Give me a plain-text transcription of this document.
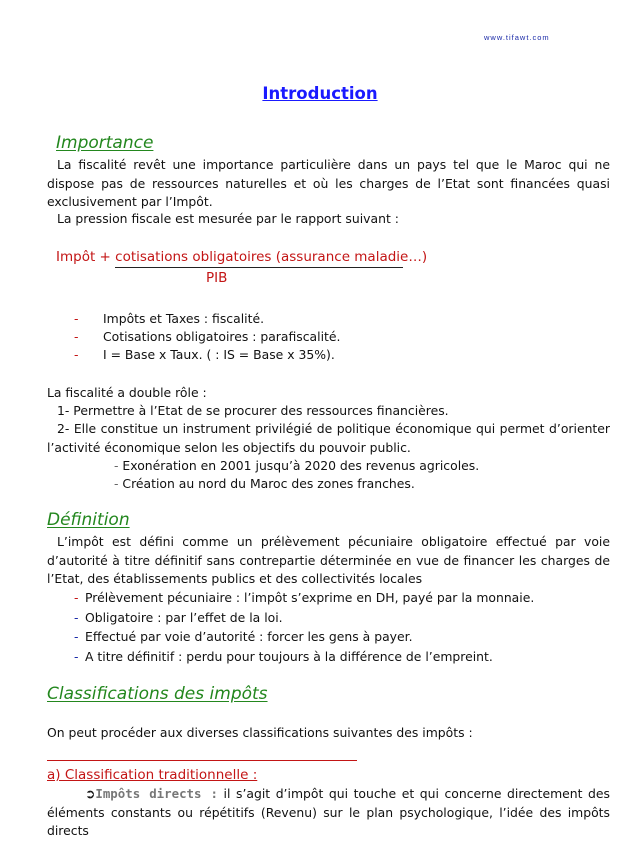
www.tifawt.com
Introduction
Importance
La fiscalité revêt une importance particulière dans un pays tel que le Maroc qui ne dispose pas de ressources naturelles et où les charges de l’Etat sont financées quasi exclusivement par l’Impôt.
La pression fiscale est mesurée par le rapport suivant :
Impôt + cotisations obligatoires (assurance maladie…)
PIB
- Impôts et Taxes : fiscalité.
- Cotisations obligatoires : parafiscalité.
- I = Base x Taux. ( : IS = Base x 35%).
La fiscalité a double rôle :
1- Permettre à l’Etat de se procurer des ressources financières.
2- Elle constitue un instrument privilégié de politique économique qui permet d’orienter l’activité économique selon les objectifs du pouvoir public.
- Exonération en 2001 jusqu’à 2020 des revenus agricoles.
- Création au nord du Maroc des zones franches.
Définition
L’impôt est défini comme un prélèvement pécuniaire obligatoire effectué par voie d’autorité à titre définitif sans contrepartie déterminée en vue de financer les charges de l’Etat, des établissements publics et des collectivités locales
- Prélèvement pécuniaire : l’impôt s’exprime en DH, payé par la monnaie.
- Obligatoire : par l’effet de la loi.
- Effectué par voie d’autorité : forcer les gens à payer.
- A titre définitif : perdu pour toujours à la différence de l’empreint.
Classifications des impôts
On peut procéder aux diverses classifications suivantes des impôts :
a) Classification traditionnelle :
➲Impôts directs : il s’agit d’impôt qui touche et qui concerne directement des éléments constants ou répétitifs (Revenu) sur le plan psychologique, l’idée des impôts directs
